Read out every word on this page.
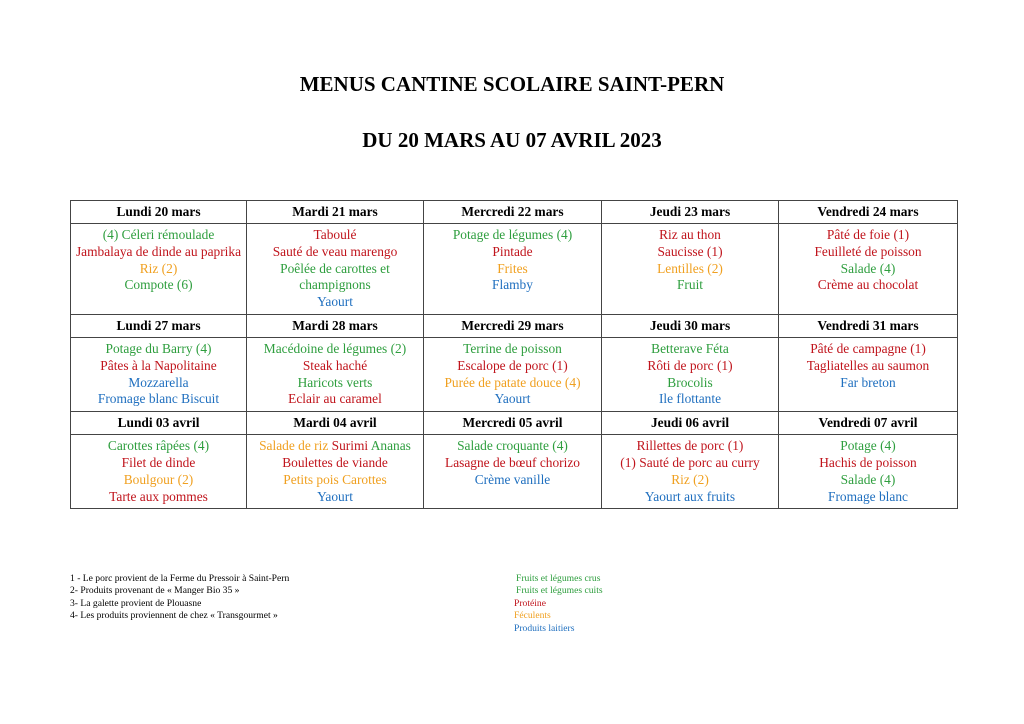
MENUS CANTINE SCOLAIRE SAINT-PERN
DU 20 MARS AU 07 AVRIL 2023
Lundi 20 mars	Mardi 21 mars	Mercredi 22 mars	Jeudi 23 mars	Vendredi 24 mars

(4) Céleri rémoulade
Jambalaya de dinde au paprika
Riz (2)
Compote (6)	Taboulé
Sauté de veau marengo
Poêlée de carottes et champignons
Yaourt	Potage de légumes (4)
Pintade
Frites
Flamby	Riz au thon
Saucisse (1)
Lentilles (2)
Fruit	Pâté de foie (1)
Feuilleté de poisson
Salade (4)
Crème au chocolat

Lundi 27 mars	Mardi 28 mars	Mercredi 29 mars	Jeudi 30 mars	Vendredi 31 mars

Potage du Barry (4)
Pâtes à la Napolitaine
Mozzarella
Fromage blanc Biscuit	Macédoine de légumes (2)
Steak haché
Haricots verts
Eclair au caramel	Terrine de poisson
Escalope de porc (1)
Purée de patate douce (4)
Yaourt	Betterave Féta
Rôti de porc (1)
Brocolis
Ile flottante	Pâté de campagne (1)
Tagliatelles au saumon
Far breton

Lundi 03 avril	Mardi 04 avril	Mercredi 05 avril	Jeudi 06 avril	Vendredi 07 avril

Carottes râpées (4)
Filet de dinde
Boulgour (2)
Tarte aux pommes	Salade de riz Surimi Ananas
Boulettes de viande
Petits pois Carottes
Yaourt	Salade croquante (4)
Lasagne de bœuf chorizo
Crème vanille	Rillettes de porc (1)
(1) Sauté de porc au curry
Riz (2)
Yaourt aux fruits	Potage (4)
Hachis de poisson
Salade (4)
Fromage blanc
1 - Le porc provient de la Ferme du Pressoir à Saint-Pern
2- Produits provenant de « Manger Bio 35 »
3- La galette provient de Plouasne
4- Les produits proviennent de chez « Transgourmet »
Fruits et légumes crus
Fruits et légumes cuits
Protéine
Féculents
Produits laitiers
